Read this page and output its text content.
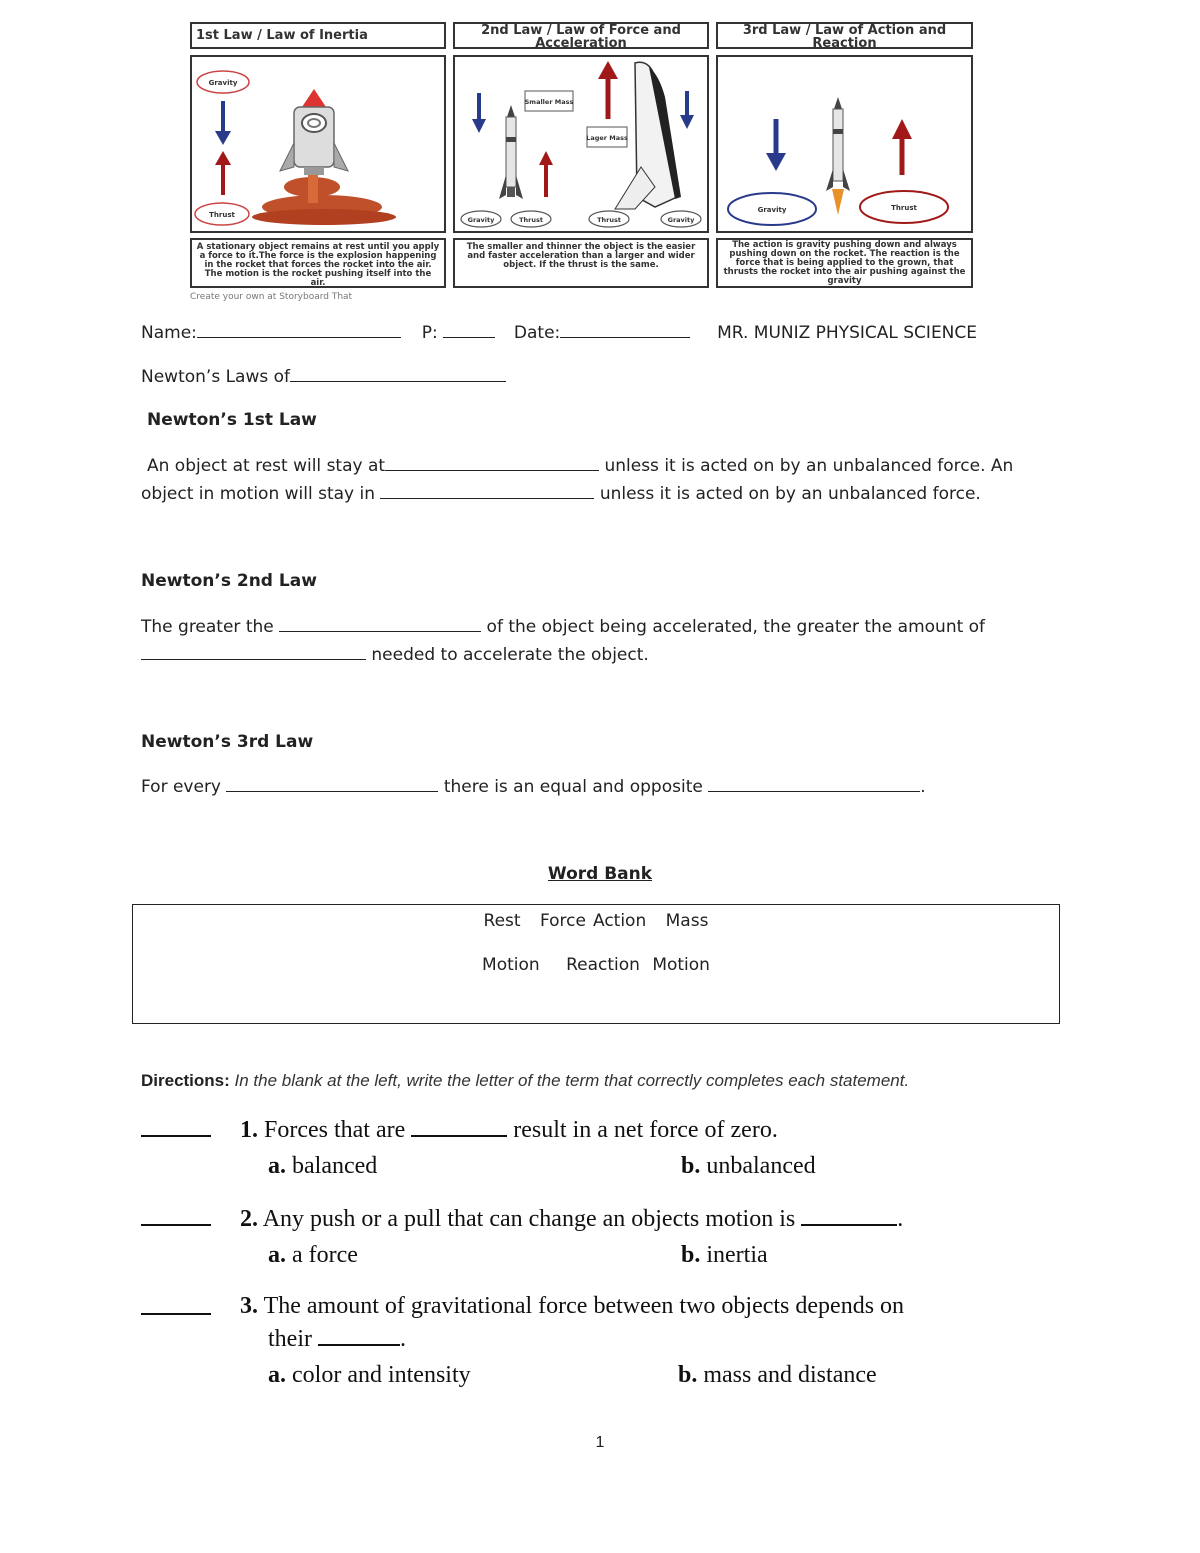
1st Law / Law of Inertia	2nd Law / Law of Force and Acceleration
3rd Law / Law of Action and Reaction
Gravity
Thrust
Smaller Mass
Lager Mass
Gravity	Thrust	Thrust	Gravity
Gravity	Thrust
A stationary object remains at rest until you apply a force to it.The force is the explosion happening in the rocket that forces the rocket into the air. The motion is the rocket pushing itself into the air.
The smaller and thinner the object is the easier and faster acceleration than a larger and wider object. If the thrust is the same.
The action is gravity pushing down and always pushing down on the rocket. The reaction is the force that is being applied to the grown, that thrusts the rocket into the air pushing against the gravity
Create your own at Storyboard That
Name:	P:	Date:	MR. MUNIZ PHYSICAL SCIENCE
Newton’s Laws of
Newton’s 1st Law
An object at rest will stay at	unless it is acted on by an unbalanced force. An
object in motion will stay in	unless it is acted on by an unbalanced force.
Newton’s 2nd Law
The greater the	of the object being accelerated, the greater the amount of
needed to accelerate the object.
Newton’s 3rd Law
For every	there is an equal and opposite	.
Word Bank
Rest Force Action Mass
Motion Reaction Motion
Directions: In the blank at the left, write the letter of the term that correctly completes each statement.
1. Forces that are	result in a net force of zero.
a. balanced	b. unbalanced
2. Any push or a pull that can change an objects motion is	.
a. a force	b. inertia
3. The amount of gravitational force between two objects depends on
their	.
a. color and intensity	b. mass and distance
1
